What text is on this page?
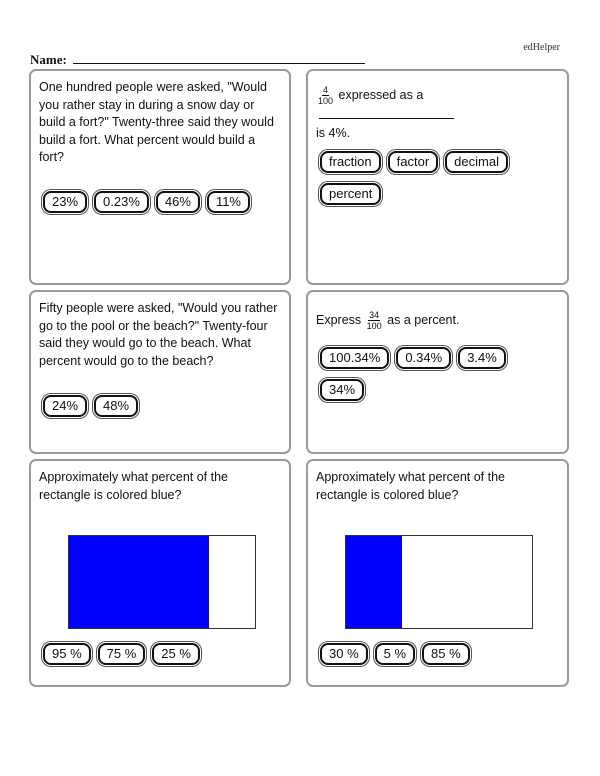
edHelper
Name:
One hundred people were asked, "Would you rather stay in during a snow day or build a fort?" Twenty-three said they would build a fort. What percent would build a fort?
23% 0.23% 46% 11%
$\frac{4}{100}$ expressed as a
is 4%.
fraction factor decimalpercent
Fifty people were asked, "Would you rather go to the pool or the beach?" Twenty-four said they would go to the beach. What percent would go to the beach?
24% 48%
Express $\frac{34}{100}$ as a percent.
100.34% 0.34% 3.4%34%
Approximately what percent of the rectangle is colored blue?
95 % 75 % 25 %
Approximately what percent of the rectangle is colored blue?
30 % 5 % 85 %
